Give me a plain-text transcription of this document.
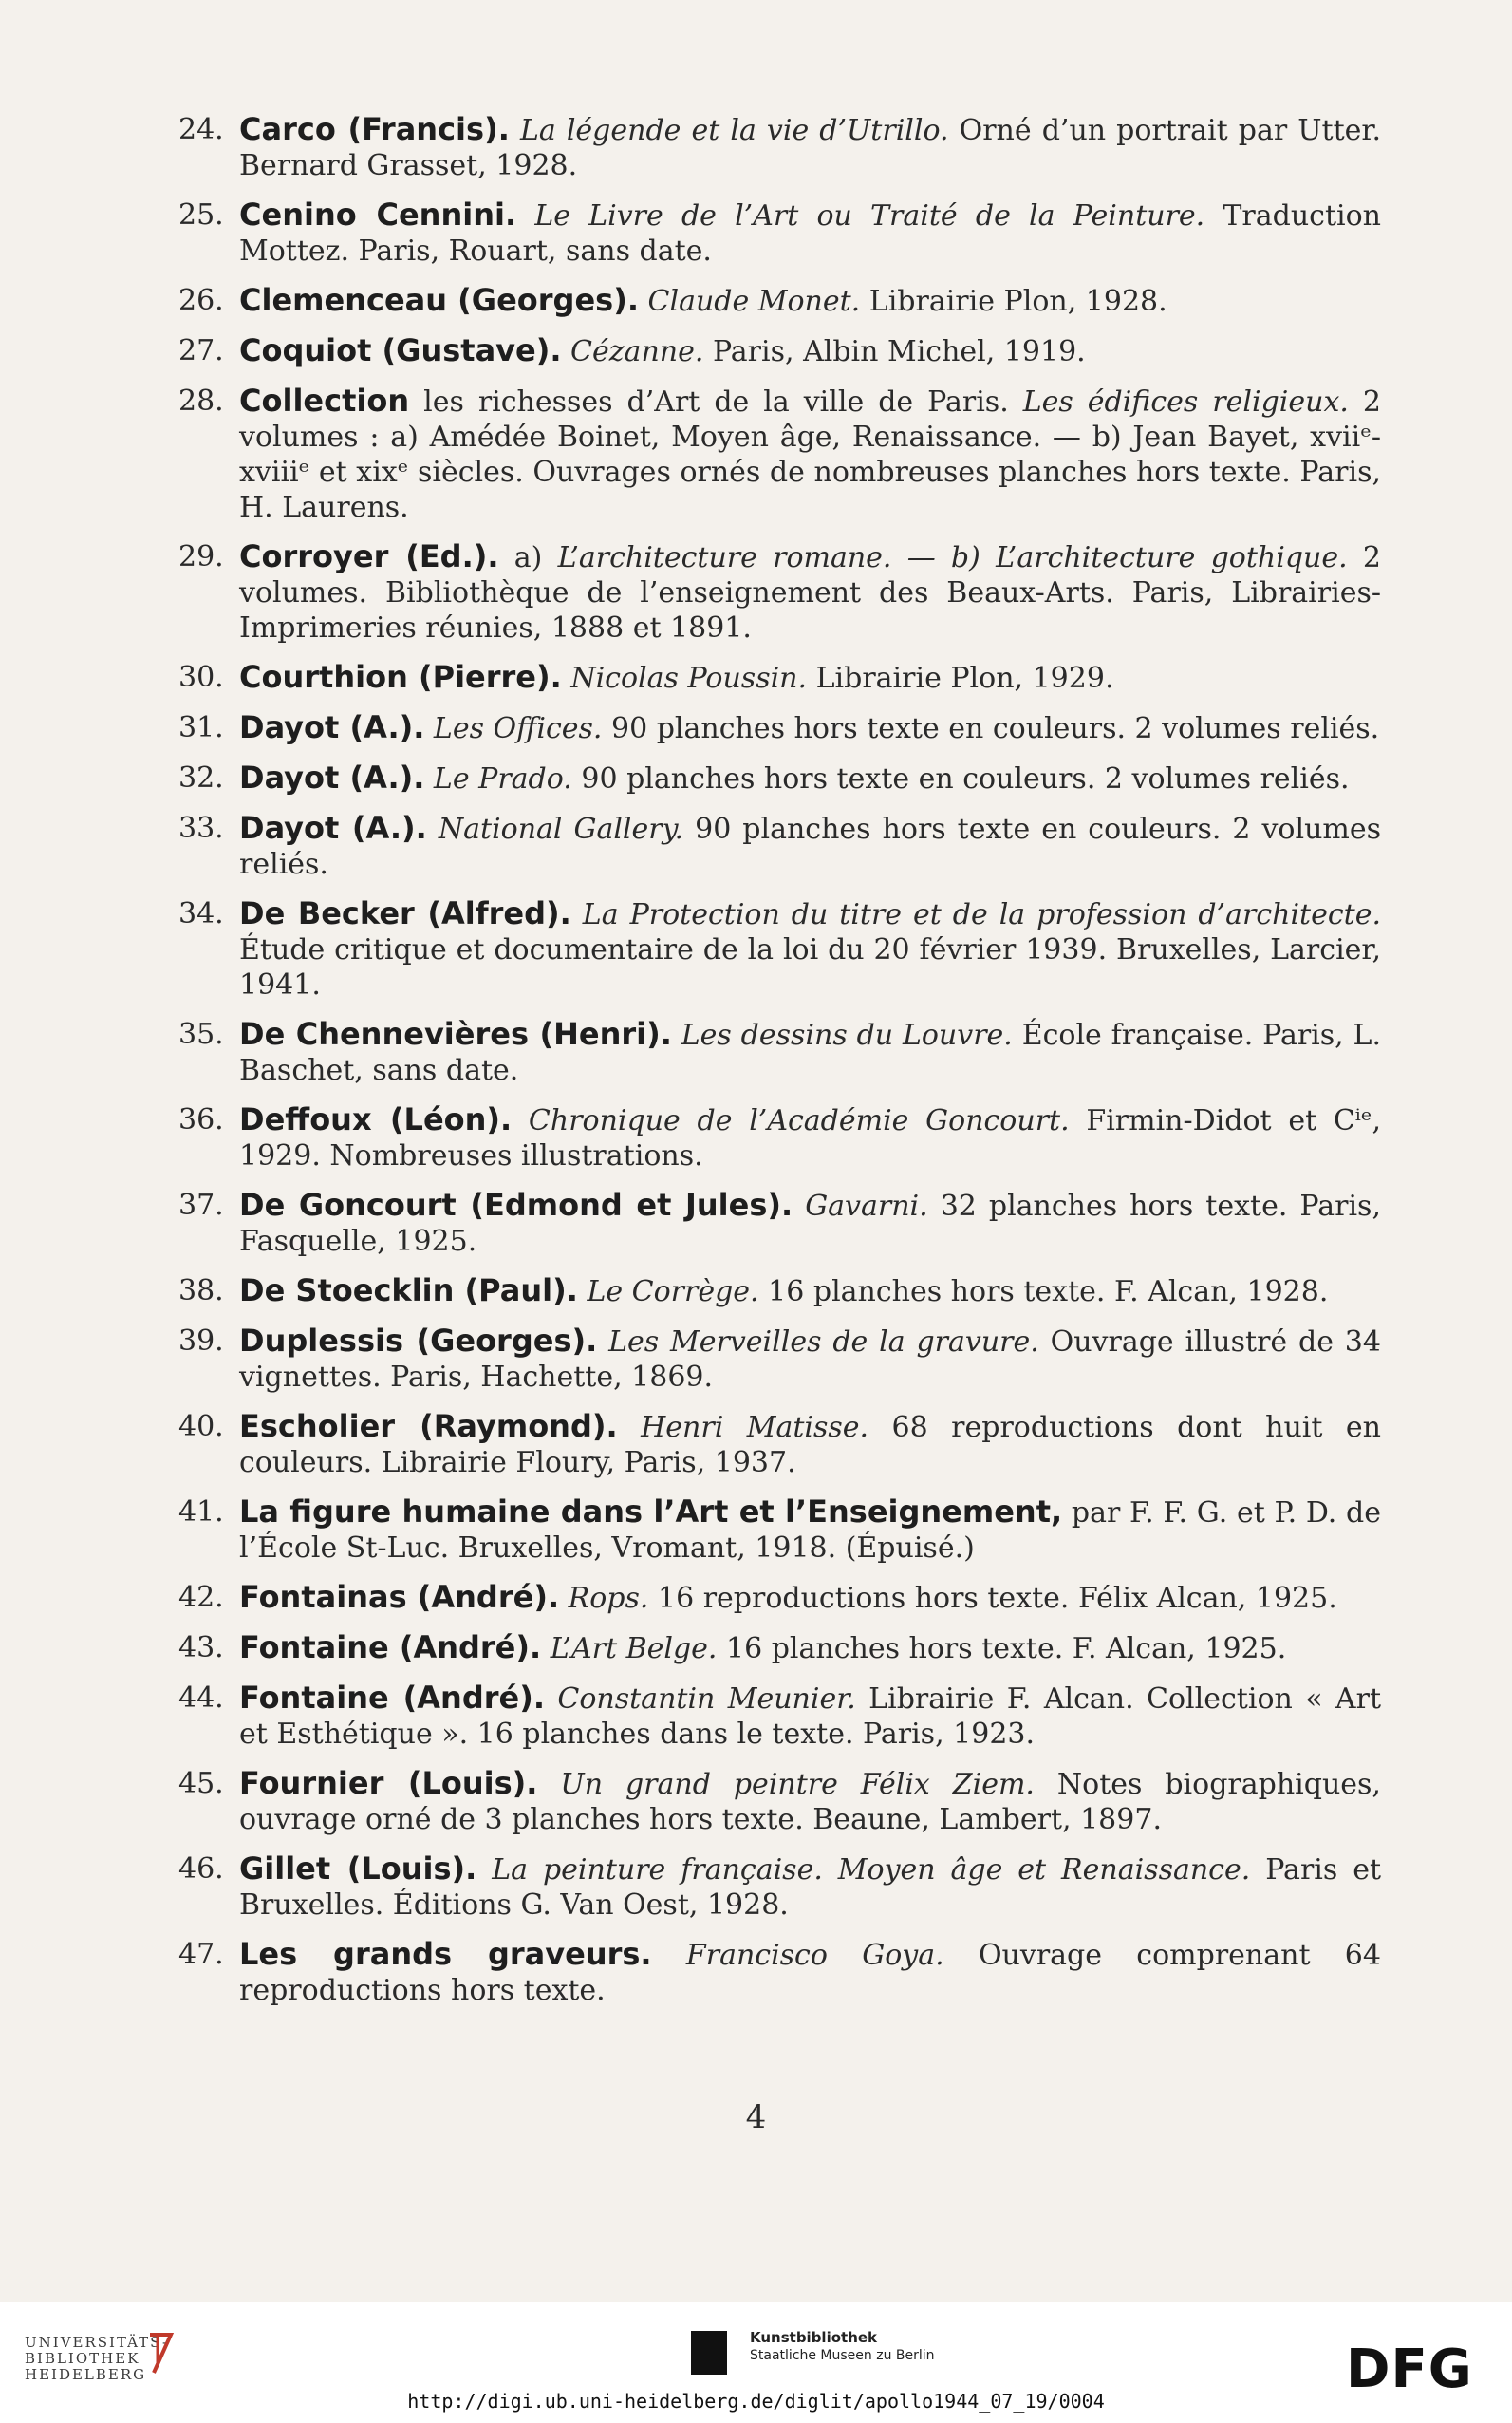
24. Carco (Francis). La légende et la vie d’Utrillo. Orné d’un portrait par Utter. Bernard Grasset, 1928.
25. Cenino Cennini. Le Livre de l’Art ou Traité de la Peinture. Traduction Mottez. Paris, Rouart, sans date.
26. Clemenceau (Georges). Claude Monet. Librairie Plon, 1928.
27. Coquiot (Gustave). Cézanne. Paris, Albin Michel, 1919.
28. Collection les richesses d’Art de la ville de Paris. Les édifices religieux. 2 volumes : a) Amédée Boinet, Moyen âge, Renaissance. — b) Jean Bayet, xviiᵉ-xviiiᵉ et xixᵉ siècles. Ouvrages ornés de nombreuses planches hors texte. Paris, H. Laurens.
29. Corroyer (Ed.). a) L’architecture romane. — b) L’architecture gothique. 2 volumes. Bibliothèque de l’enseignement des Beaux-Arts. Paris, Librairies-Imprimeries réunies, 1888 et 1891.
30. Courthion (Pierre). Nicolas Poussin. Librairie Plon, 1929.
31. Dayot (A.). Les Offices. 90 planches hors texte en couleurs. 2 volumes reliés.
32. Dayot (A.). Le Prado. 90 planches hors texte en couleurs. 2 volumes reliés.
33. Dayot (A.). National Gallery. 90 planches hors texte en couleurs. 2 volumes reliés.
34. De Becker (Alfred). La Protection du titre et de la profession d’architecte. Étude critique et documentaire de la loi du 20 février 1939. Bruxelles, Larcier, 1941.
35. De Chennevières (Henri). Les dessins du Louvre. École française. Paris, L. Baschet, sans date.
36. Deffoux (Léon). Chronique de l’Académie Goncourt. Firmin-Didot et Cⁱᵉ, 1929. Nombreuses illustrations.
37. De Goncourt (Edmond et Jules). Gavarni. 32 planches hors texte. Paris, Fasquelle, 1925.
38. De Stoecklin (Paul). Le Corrège. 16 planches hors texte. F. Alcan, 1928.
39. Duplessis (Georges). Les Merveilles de la gravure. Ouvrage illustré de 34 vignettes. Paris, Hachette, 1869.
40. Escholier (Raymond). Henri Matisse. 68 reproductions dont huit en couleurs. Librairie Floury, Paris, 1937.
41. La figure humaine dans l’Art et l’Enseignement, par F. F. G. et P. D. de l’École St-Luc. Bruxelles, Vromant, 1918. (Épuisé.)
42. Fontainas (André). Rops. 16 reproductions hors texte. Félix Alcan, 1925.
43. Fontaine (André). L’Art Belge. 16 planches hors texte. F. Alcan, 1925.
44. Fontaine (André). Constantin Meunier. Librairie F. Alcan. Collection « Art et Esthétique ». 16 planches dans le texte. Paris, 1923.
45. Fournier (Louis). Un grand peintre Félix Ziem. Notes biographiques, ouvrage orné de 3 planches hors texte. Beaune, Lambert, 1897.
46. Gillet (Louis). La peinture française. Moyen âge et Renaissance. Paris et Bruxelles. Éditions G. Van Oest, 1928.
47. Les grands graveurs. Francisco Goya. Ouvrage comprenant 64 reproductions hors texte.
4
UNIVERSITÄTS-
BIBLIOTHEK
HEIDELBERG
Kunstbibliothek
Staatliche Museen zu Berlin	DFG
http://digi.ub.uni-heidelberg.de/diglit/apollo1944_07_19/0004
